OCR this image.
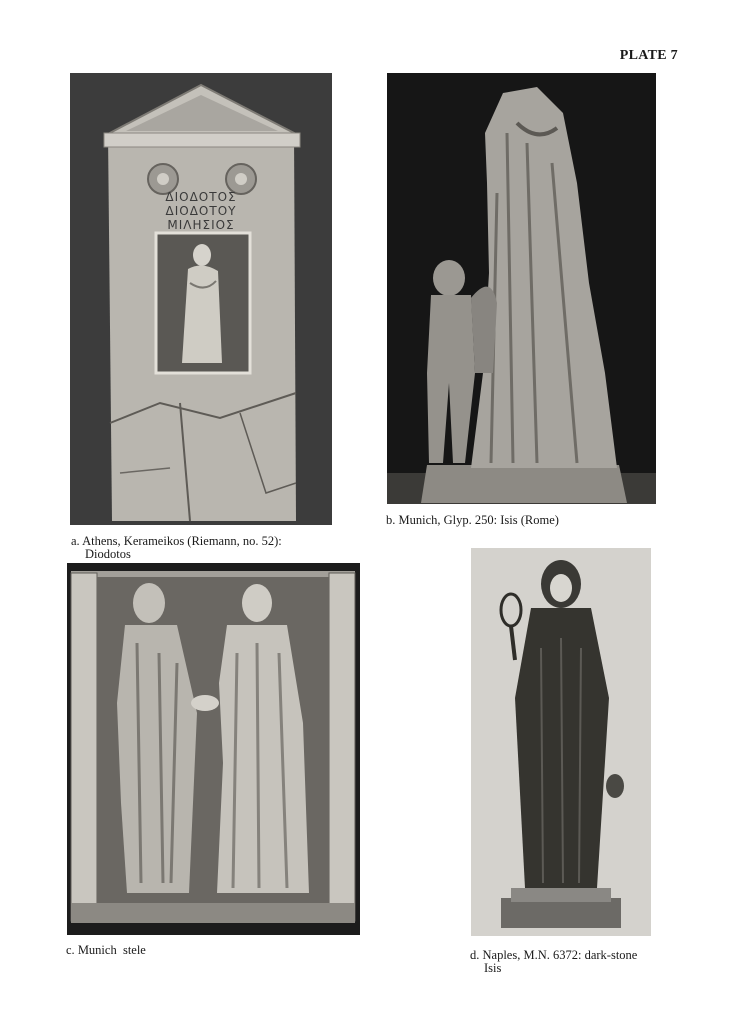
PLATE 7
ΔΙΟΔΟΤΟΣ
ΔΙΟΔΟΤΟΥ
ΜΙΛΗΣΙΟΣ
a. Athens, Kerameikos (Riemann, no. 52):
Diodotos
b. Munich, Glyp. 250: Isis (Rome)
c. Munich  stele	d. Naples, M.N. 6372: dark-stone
Isis
